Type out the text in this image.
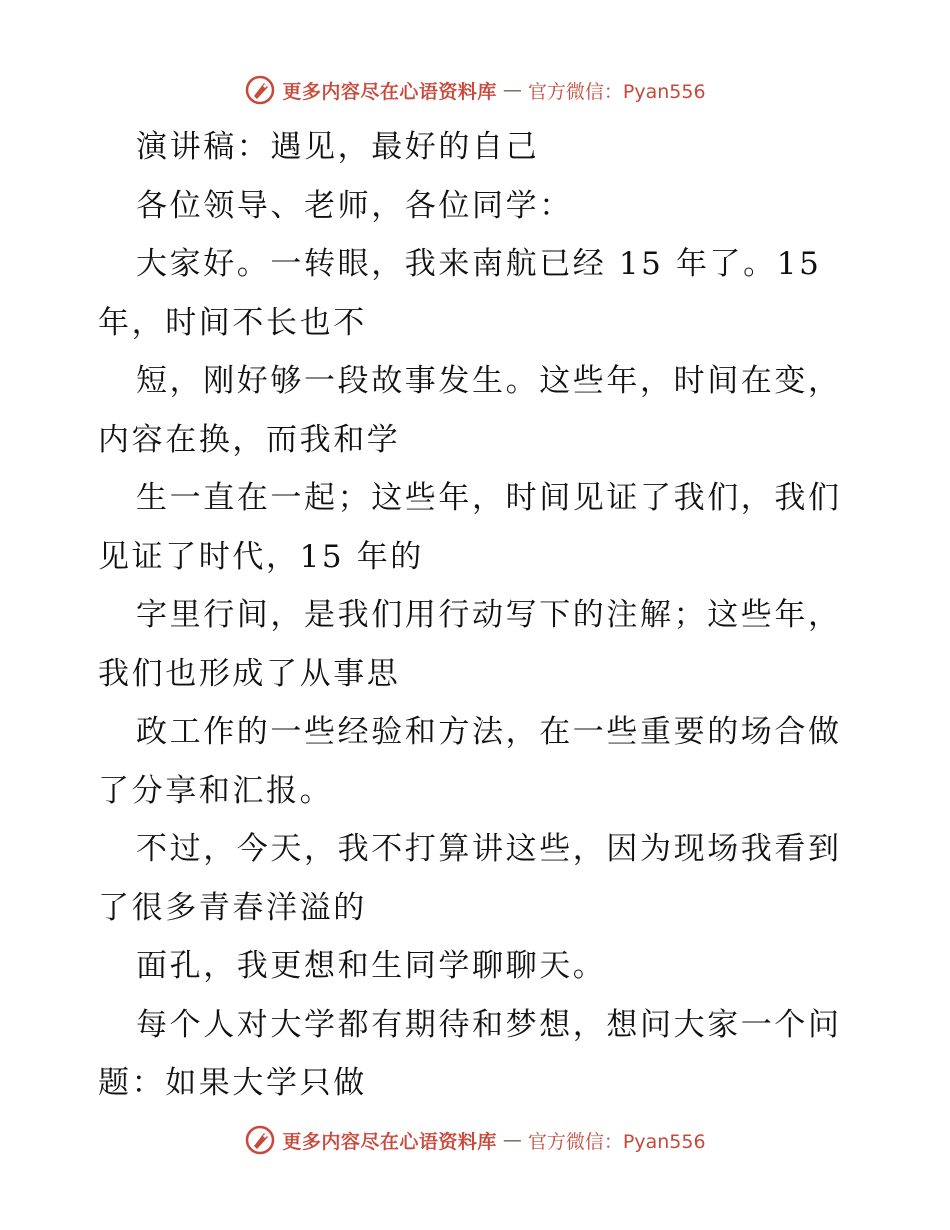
更多内容尽在心语资料库 — 官方微信：Pyan556

演讲稿：遇见，最好的自己

各位领导、老师，各位同学：

大家好。一转眼，我来南航已经 15 年了。15
年，时间不长也不

短，刚好够一段故事发生。这些年，时间在变，
内容在换，而我和学

生一直在一起；这些年，时间见证了我们，我们
见证了时代，15 年的

字里行间，是我们用行动写下的注解；这些年，
我们也形成了从事思

政工作的一些经验和方法，在一些重要的场合做
了分享和汇报。

不过，今天，我不打算讲这些，因为现场我看到
了很多青春洋溢的

面孔，我更想和生同学聊聊天。

每个人对大学都有期待和梦想，想问大家一个问
题：如果大学只做

更多内容尽在心语资料库 — 官方微信：Pyan556
